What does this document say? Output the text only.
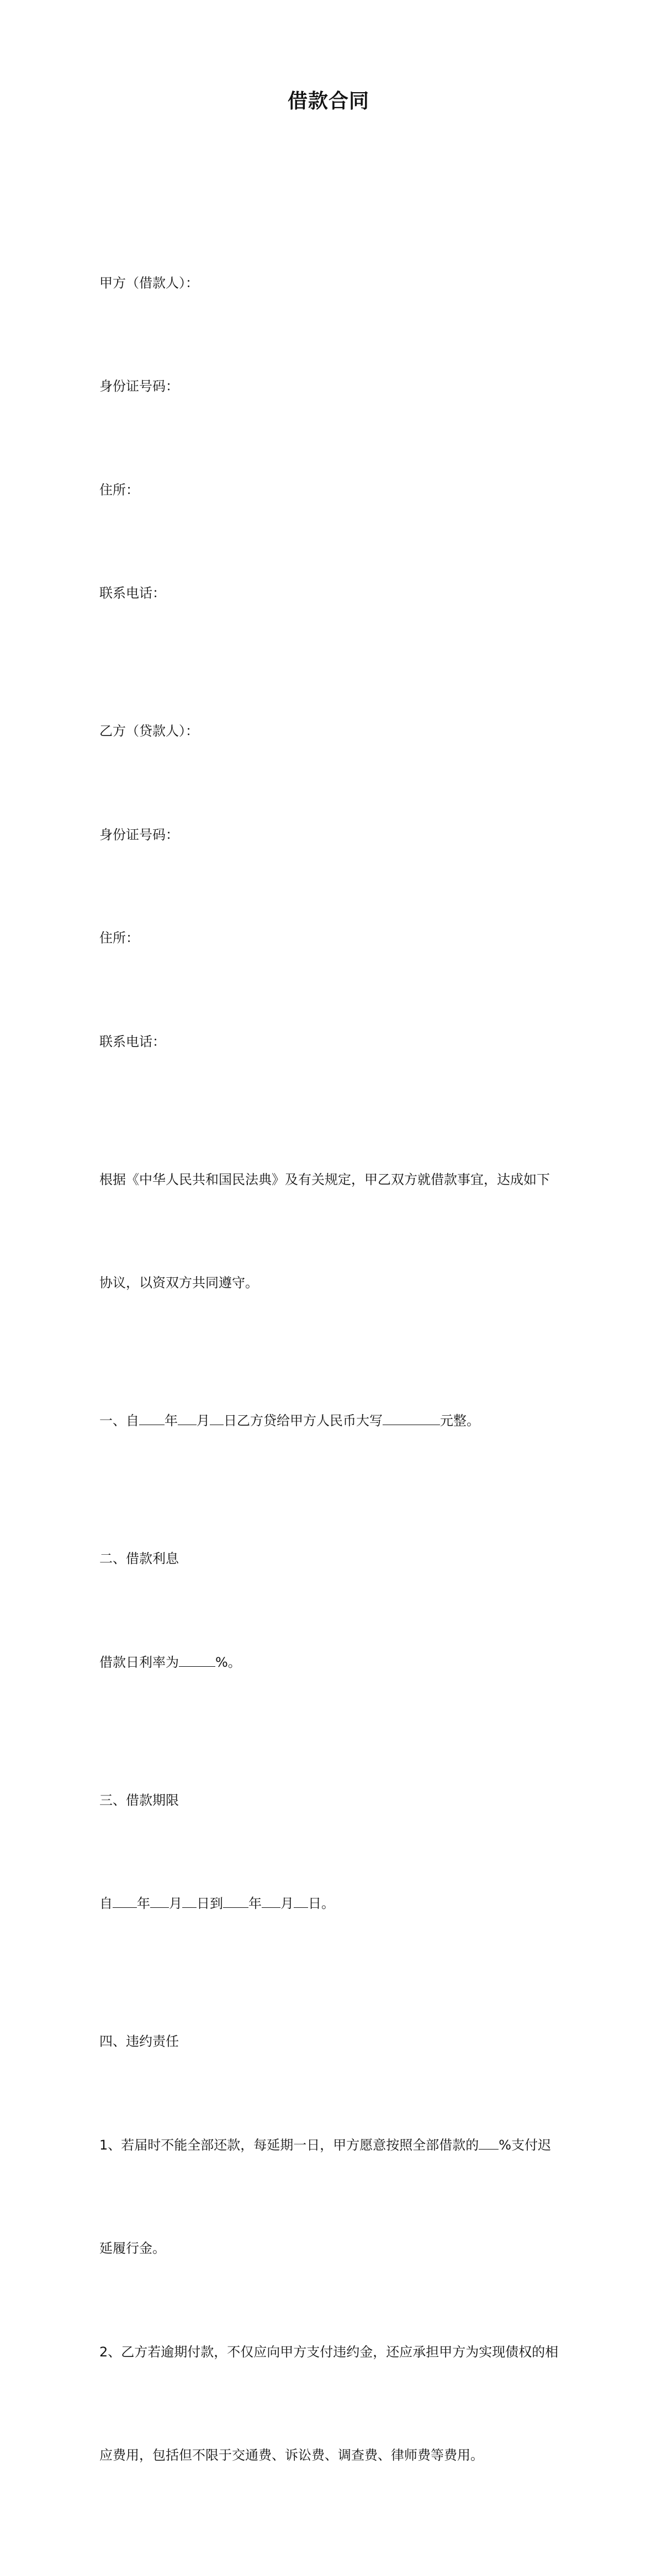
借款合同

甲方（借款人）：

身份证号码：

住所：

联系电话：

乙方（贷款人）：

身份证号码：

住所：

联系电话：

根据《中华人民共和国民法典》及有关规定，甲乙双方就借款事宜，达成如下

协议，以资双方共同遵守。

一、自 年 月 日乙方贷给甲方人民币大写	元整。

二、借款利息

借款日利率为	%。

三、借款期限

自 年 月 日到 年 月 日。

四、违约责任

1、若届时不能全部还款，每延期一日，甲方愿意按照全部借款的 %支付迟

延履行金。

2、乙方若逾期付款，不仅应向甲方支付违约金，还应承担甲方为实现债权的相

应费用，包括但不限于交通费、诉讼费、调查费、律师费等费用。
